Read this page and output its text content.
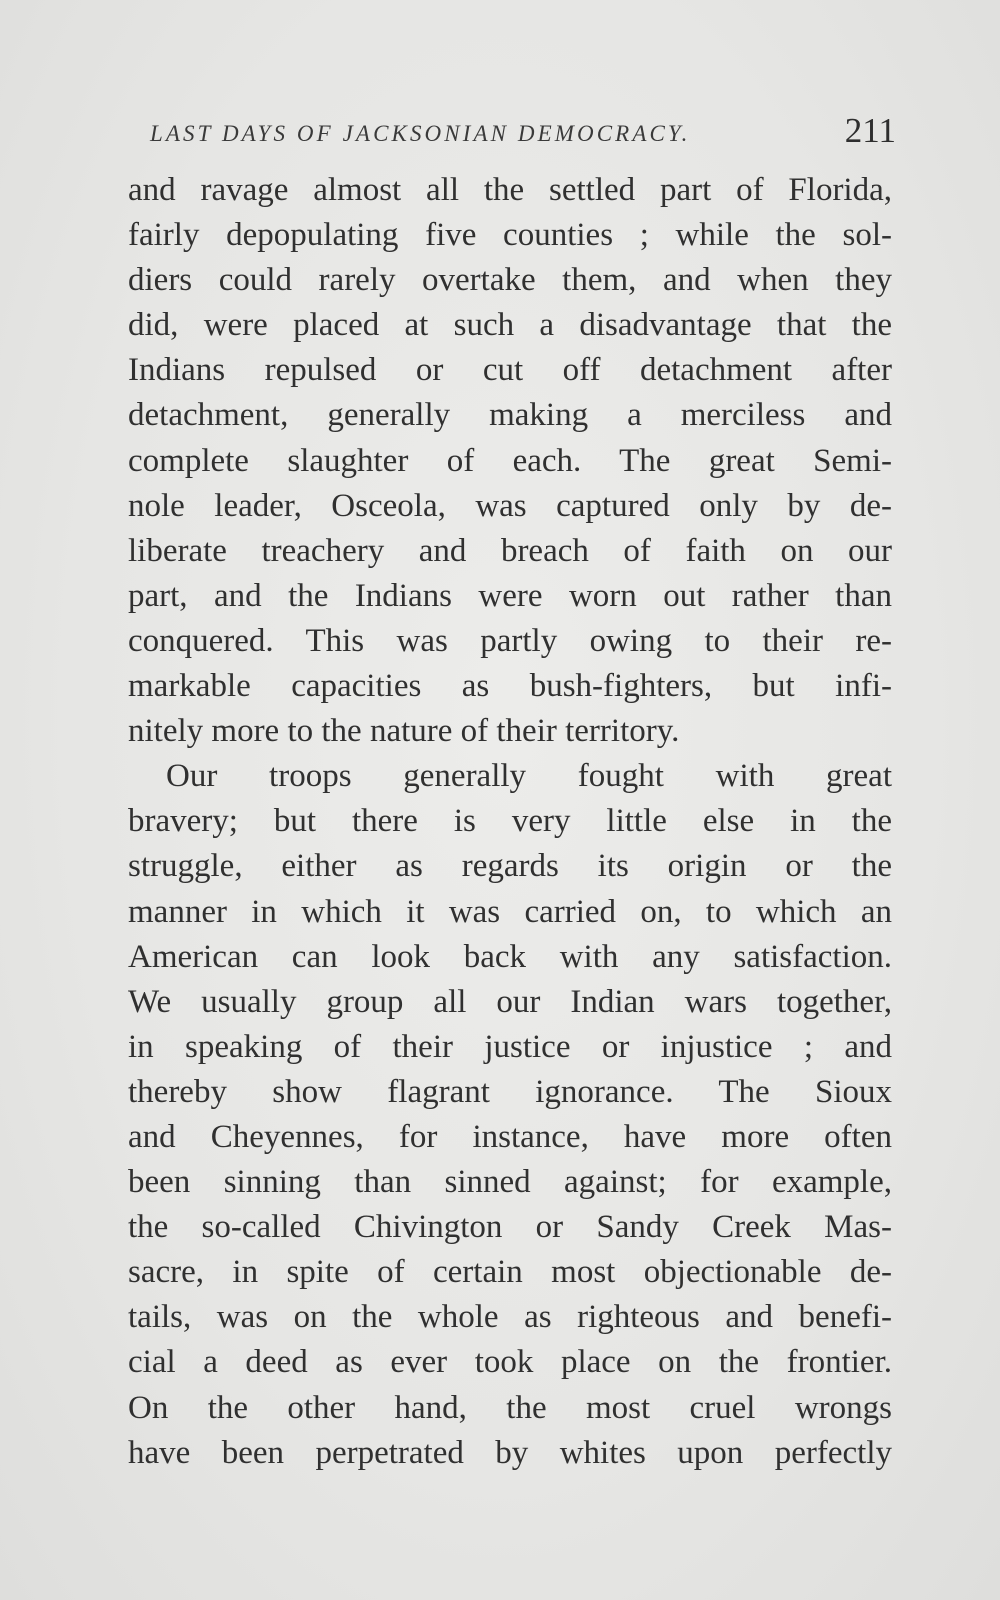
LAST DAYS OF JACKSONIAN DEMOCRACY.	211
and ravage almost all the settled part of Florida,
fairly depopulating five counties ; while the sol-
diers could rarely overtake them, and when they
did, were placed at such a disadvantage that the
Indians repulsed or cut off detachment after
detachment, generally making a merciless and
complete slaughter of each. The great Semi-
nole leader, Osceola, was captured only by de-
liberate treachery and breach of faith on our
part, and the Indians were worn out rather than
conquered. This was partly owing to their re-
markable capacities as bush-fighters, but infi-
nitely more to the nature of their territory.
Our troops generally fought with great
bravery; but there is very little else in the
struggle, either as regards its origin or the
manner in which it was carried on, to which an
American can look back with any satisfaction.
We usually group all our Indian wars together,
in speaking of their justice or injustice ; and
thereby show flagrant ignorance. The Sioux
and Cheyennes, for instance, have more often
been sinning than sinned against; for example,
the so-called Chivington or Sandy Creek Mas-
sacre, in spite of certain most objectionable de-
tails, was on the whole as righteous and benefi-
cial a deed as ever took place on the frontier.
On the other hand, the most cruel wrongs
have been perpetrated by whites upon perfectly
